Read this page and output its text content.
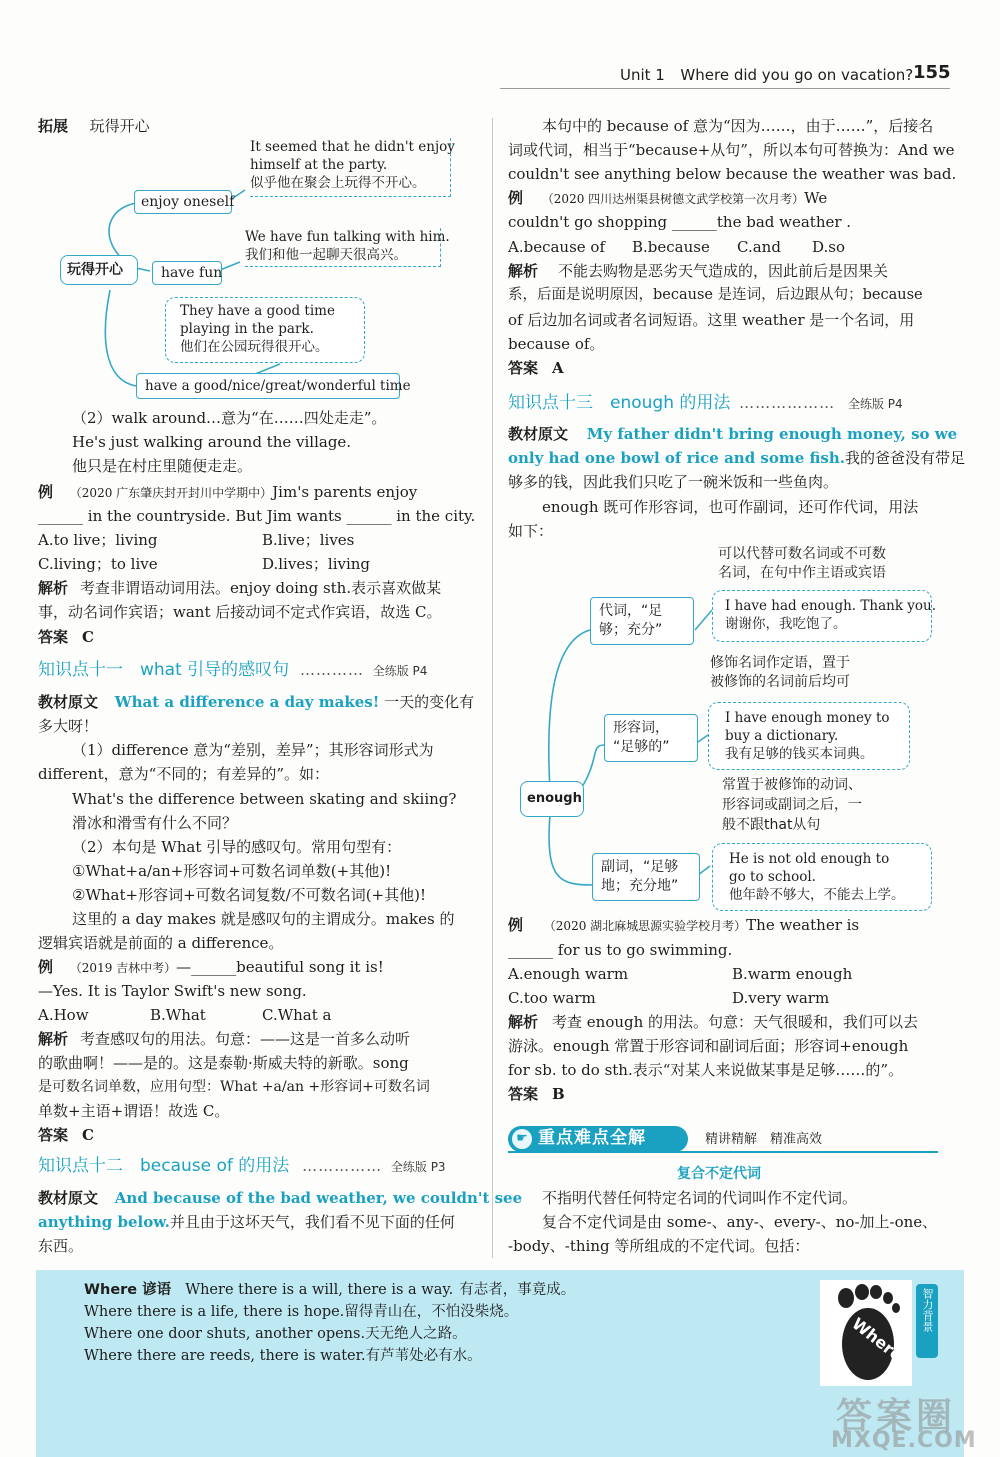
Unit 1 Where did you go on vacation? 155
拓展 玩得开心
玩得开心
enjoy oneself
It seemed that he didn't enjoy
himself at the party.
似乎他在聚会上玩得不开心。
have fun
We have fun talking with him.
我们和他一起聊天很高兴。
They have a good time
playing in the park.
他们在公园玩得很开心。
have a good/nice/great/wonderful time
（2）walk around…意为“在……四处走走”。
He's just walking around the village.
他只是在村庄里随便走走。
例 （2020 广东肇庆封开封川中学期中）Jim's parents enjoy
______ in the countryside. But Jim wants ______ in the city.
A.to live；living	B.live；lives
C.living；to live	D.lives；living
解析 考查非谓语动词用法。enjoy doing sth.表示喜欢做某
事，动名词作宾语；want 后接动词不定式作宾语，故选 C。
答案 C
知识点十一　what 引导的感叹句 ………… 全练版 P4
教材原文 What a difference a day makes! 一天的变化有
多大呀！
（1）difference 意为“差别，差异”；其形容词形式为
different，意为“不同的；有差异的”。如：
What's the difference between skating and skiing?
滑冰和滑雪有什么不同？
（2）本句是 What 引导的感叹句。常用句型有：
①What+a/an+形容词+可数名词单数(+其他)!
②What+形容词+可数名词复数/不可数名词(+其他)!
这里的 a day makes 就是感叹句的主谓成分。makes 的
逻辑宾语就是前面的 a difference。
例 （2019 吉林中考）—______beautiful song it is!
—Yes. It is Taylor Swift's new song.
A.How	B.What	C.What a
解析 考查感叹句的用法。句意：——这是一首多么动听
的歌曲啊！——是的。这是泰勒·斯威夫特的新歌。song
是可数名词单数，应用句型：What +a/an +形容词+可数名词
单数+主语+谓语！故选 C。
答案 C
知识点十二　because of 的用法 …………… 全练版 P3
教材原文 And because of the bad weather, we couldn't see
anything below.并且由于这坏天气，我们看不见下面的任何
东西。
本句中的 because of 意为“因为……，由于……”，后接名
词或代词，相当于“because+从句”，所以本句可替换为：And we
couldn't see anything below because the weather was bad.
例 （2020 四川达州渠县树德文武学校第一次月考）We
couldn't go shopping ______the bad weather .
A.because of B.because C.and D.so
解析 不能去购物是恶劣天气造成的，因此前后是因果关
系，后面是说明原因，because 是连词，后边跟从句；because
of 后边加名词或者名词短语。这里 weather 是一个名词，用
because of。
答案 A
知识点十三　enough 的用法 ……………… 全练版 P4
教材原文 My father didn't bring enough money, so we
only had one bowl of rice and some fish.我的爸爸没有带足
够多的钱，因此我们只吃了一碗米饭和一些鱼肉。
enough 既可作形容词，也可作副词，还可作代词，用法
如下：
enough
代词，“足
够；充分”
可以代替可数名词或不可数
名词，在句中作主语或宾语
I have had enough. Thank you.
谢谢你，我吃饱了。
修饰名词作定语，置于
被修饰的名词前后均可
形容词，
“足够的”
I have enough money to
buy a dictionary.
我有足够的钱买本词典。
常置于被修饰的动词、
形容词或副词之后，一
般不跟that从句
副词，“足够
地；充分地”
He is not old enough to
go to school.
他年龄不够大，不能去上学。
例 （2020 湖北麻城思源实验学校月考）The weather is
______ for us to go swimming.
A.enough warm	B.warm enough
C.too warm	D.very warm
解析 考查 enough 的用法。句意：天气很暖和，我们可以去
游泳。enough 常置于形容词和副词后面；形容词+enough
for sb. to do sth.表示“对某人来说做某事是足够……的”。
答案 B
☛ 重点难点全解	精讲精解　精准高效
复合不定代词
不指明代替任何特定名词的代词叫作不定代词。
复合不定代词是由 some-、any-、every-、no-加上-one、
-body、-thing 等所组成的不定代词。包括：
Where 谚语 Where there is a will, there is a way. 有志者，事竟成。
Where there is a life, there is hope.留得青山在，不怕没柴烧。
Where one door shuts, another opens.天无绝人之路。
Where there are reeds, there is water.有芦苇处必有水。	Where
智力背景
答案圈
MXQE.COM
